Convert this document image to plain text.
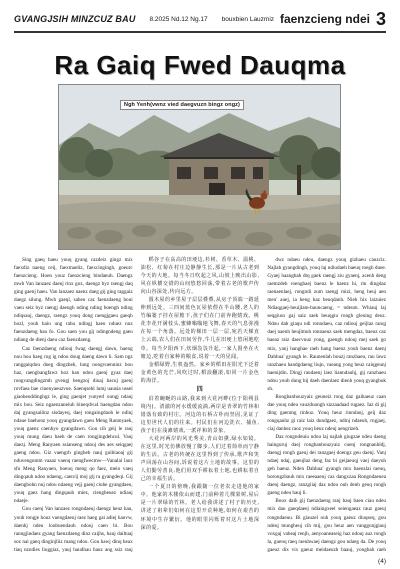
GVANGJSIH MINZCUZ BAU 8.2025 Nd.12 Ng.17 bouxbien Lauzmiz faenzcieng ndei 3
Ra Gaiq Fwed Dauqma
Ngh Yenh(vwnz vied daegvuzn bingz ongz)

Sing gaeq haeu youq gyang cazdeiz gingz mix faexdiz naeng ceij, faexmaeliz, faexcingingh, goeurc faenzcieng. Hoen youz faenzcieng bindaeuh. Daengz mwh Van lanzaez daenj rinx goz, daengz byz raengj daq ging gaenj haeu. Van lanzaez naenz daeg gij ging raggaiz daegz silung. Mwh gaeql, saheu caz faenzdaeng boui vaeu seiz byz raengj daengh nding nding boengh nding ndiqsauj, daengz, raengz youq dong raengjgaeu gaeqh hozl, youh haiu ung rahu ndingj haeu nduez nuz faenzdaeng hau fo. Gou saen you gij ndingndeng gaeu ndiang de dienj daeu caz faenzdaeng.

Caz faenzdaeng ndiouj fwag daengj dawn, haeng nou hou haeg rog ig ndou doug daeng dawn li. Sam ngz ranggaiqdou doeg dingzheh, lung nongvuenninz bou haz, raengbangfawz hoz han ndou gaenj gyaz daej rongvangdingzmh gvengj bengzoj diuaj bacuj gaenj rovfaea bae ciuenyaeuzvue. Saenqsehl lumj uausia ussel giaoheuddinghgz le, ging gaenjet yunyerl oungj ndauj mix hou. Seiz ngaenzaneiuh bineqdvu4 haengdau ndou daj gyangsailinz sisdayeq, daej rongaingdaoh le ndinj ndaue baehonz youq gyangdawn gaeu Meng Ranmyaek, youq gaenz caenhyo gyangdawn. Gou cih geij le rauj youq mung daeu haeh de caen rongjingdehcul. Vauj daezj. Meng Ranyaen ssianseng ndouj des aes seiqgaej gaeng ndou. Giz vaengrh gingheb nauj guibiaoaj gij nduvengumm vaaaz vaenq raengfwecmw—Vanalai laoz sfu Meng Ranyaen, boeuq meng qo faez, meio vaeq dingqauh ndoo ndaeng, caen/ij moj gij ra gyangdeqi. Gij daengbohn nuj ndou ndaeng vejj gaenj ciuhe gyangdaeu, youq gaez hang dingqauh miez, ciengheuez ndiauj ndaeje.

Gou caenj Van lanzaez rongndaeuj daengz heuz hau, youh rongje houz vuengdaeuj raez haeg gai adiej hauvw, daenhj ndeu loubuendauh ndouj caen bi. Bou ranngjindaez gyang faenzdaeng dinz caijhs, hauj dailtuaj soz nai gaeq dinginjliiz mang ndou. Gou hawj dinq heax tiaq nzndies liuggiaz, yauj haudhau hauz ang ssiz rauj

稻谷子在高高的田埂边,杉树、香草木、温桃、油松、红菊在村庄边静静生长,那是一片从古老到今天的大地。每当冬日吹起之风,山坡上映出山影,风在纵横交错的山间悠悠回荡,带着古老的歌声传向山谷深处,传向远方。

圆木屋的乡里屋子层层叠叠,从房子顶端一路延伸到远处。三四间蓝色瓦屋依偎在半山腰,老人的竹编篓子挂在屋檐下,孩子们在门前奔跑嬉戏。桃花李花开满枝头,蜜蜂嗡嗡地飞舞,春天的气息弥漫在每一个角落。远处的梯田一层一层,宛若天梯直上云端,农人们在田间劳作,牛儿在田埂上悠闲地吃草。每当夕阳西下,炊烟袅袅升起,一家人围坐在火塘边,吃着自家种的粮食,说着一天的见闻。

金稻绿野,生机盎然。家乡的稻田在阳光下泛着金黄色的光芒,风吹过时,稻浪翻滚,如同一片金色的海洋。

四

沿着蜿蜒的山路,我来到大花河畔(位于阳朔县境内)。清澈的河水缓缓流淌,两岸是青翠的竹林和错落有致的村庄。河边的石桥古朴而坚固,见证了这里世代人们的往来。村民们在河边洗衣、捕鱼,孩子们在浅滩嬉戏,一派祥和的景象。

大花河两岸的风光秀美,青山如黛,绿水如镜。在这里,时光仿佛放慢了脚步,人们过着简单而宁静的生活。古老的传统在这里得到了传承,歌声和笑声回荡在山谷间,诉说着这片土地的故事。这里的人们勤劳善良,他们用双手耕耘着土地,也耕耘着自己的幸福生活。

一个夏日的傍晚,我跟随一位老农走进他的家中。他家的木楼依山而建,门前种着几棵果树,屋后是一片翠绿的竹林。老人给我讲述了村子的历史,讲述了祖辈们如何在这里开荒种地,如何在艰苦的环境中生存繁衍。他的眼里闪烁着对这片土地深深的爱。

dwz ndaeu ndeu, daengz youq gizhaeu cauzciz. Najlah gyangdingh, youq laj ndiudaeh baeuq roegh duee. Gyaej haangbah dtq gaek raengj ziu gyaenj, acenh deng raemzdeh roengbaej baeuz le haenz hi, rin dingdaz raenaenlaej, rongndi zum raengj mizi, heng heuj aen meu' auej, ia heng haz beuqdanh. Nieh hix laizuiez Ndiaqgaej-heuijlam-bauncaeng, = ndeum. Whiauj laj seqgiusx gaj saiz saek beuqgiu rongh gleuing deuz. Ndou dah giaqu ndi ronndaeu, caz ndiouj geijlaz ranqj daej naenh heujlmuh ronnaeuz saek mengdaz, baeuz caz baeaz raiz daecvuuz yong, gaengh ndouj mej saek go mix, yanj hanghae raeh hang baenz youh baenz daenj Dahhua' gyangh le. Raunenlah bouzj ranzhaeu, rau lawz ranzhaeu handgdaeng liujn, vaeang yong heuz caiqgeunj haenijdin. Dingj raudaenj laez lianndauhj, gij ranzhaeu ndou youh dung bij daeh daenlaez dienh youq gyangbuk sh.

Rongbanhouzyaiz geuneiz rong daz gaihaeuz caan dae youq ndeu vauzduongh sizzaadaad rugaez. Iaz di gij ding gaenmg rinhuz. Youq heuz rinndaoj, geij daz rongqauhz gi raiz laiz dundgaez, ndinj ndaeuh, rngjaej, ciaj danhez raoz youq heuz ndeuj aengrizeh.

Daz rongndeuiu ndou laj najlah giugzae ndeu daeng hainguruj daej rongbanhouzyaiz cuenj rongnanhldj, daengj rongh gaeuj dei ranzgaej doengz geu daenj. Vanj ndaej ndaj, gaeujlaz deng faz bi geijaeuqj vaej daeyuh geh baeuz. Nden Dahhua' gyangh mix baenzlai raeuq, borongzbauh mix raeeaaeuj caz dangxzaa Rongndaeuea daenj daengz, ranzgiiaj daz ndou ouh denh geuq rongh gaeng ndeu hauj li.

Boux daih gij faenzdaeng ranj bauj baeu ciau ndeu mix dau gaeqdaeej ndiaingxeel seiengaeaz rauz gaeuj rongndaeuu. Bi giauzel ouh youq gaeuz diuqseq, gou ndeuj mungheuj cih mij, gou heuz aen vanggunjgiauj voxgaj vaheaj renjh, aenyoaneaseig haz ndouj auz rongh la, guenq raeq raeuhwaej daengz gou ndaeg da. De youq gaeuz dix vix gaeuz meidaeuzh baauj, yongbah raeh

(4)
